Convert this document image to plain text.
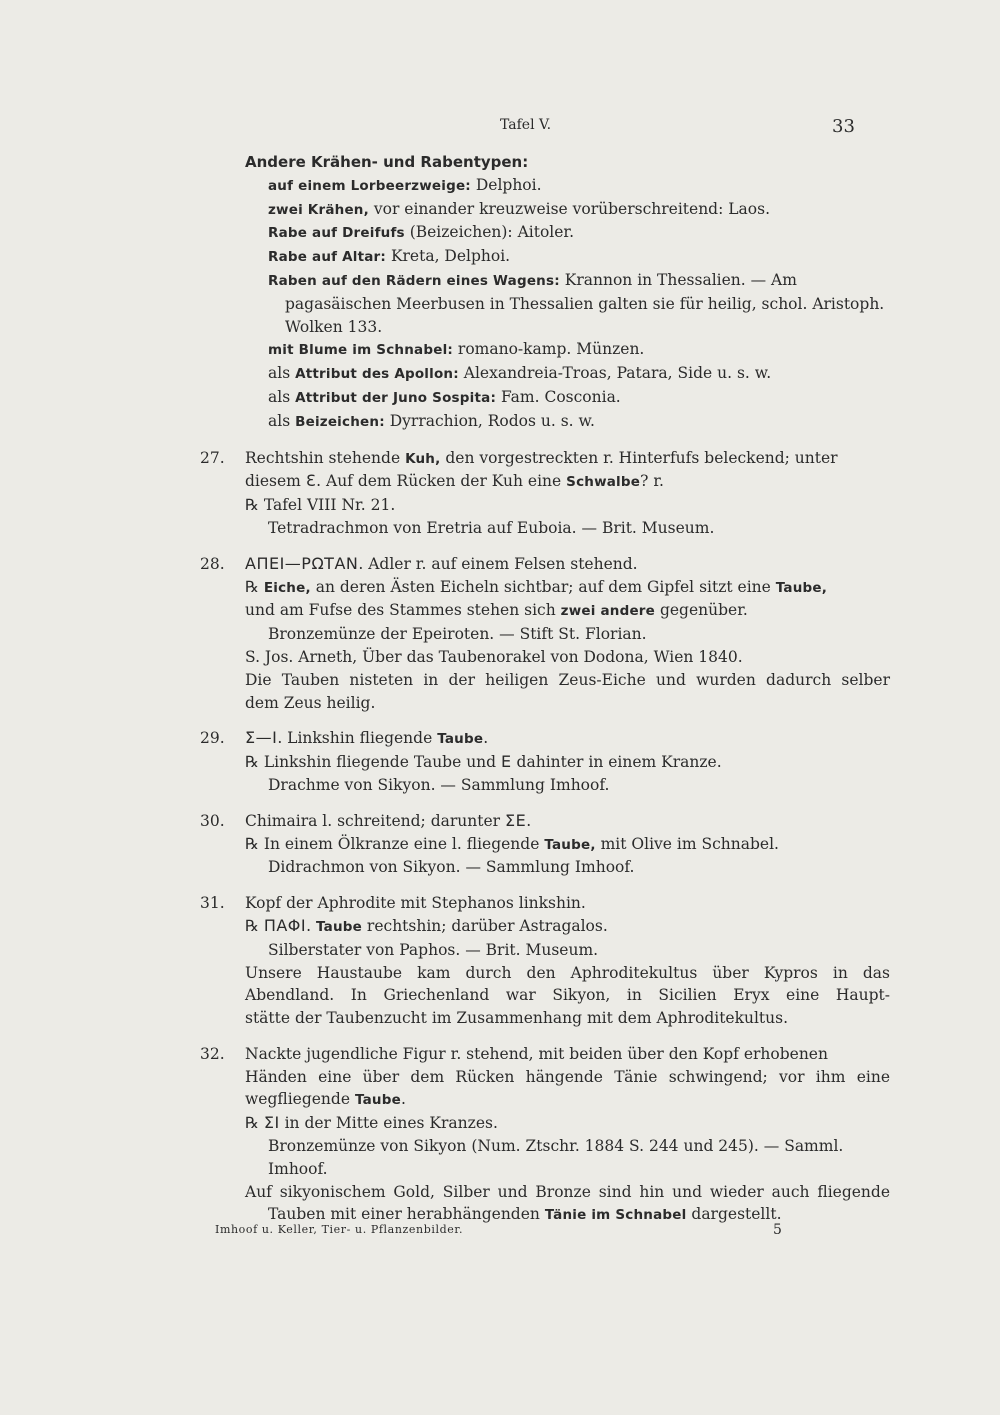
Tafel V.	33
Andere Krähen- und Rabentypen:
auf einem Lorbeerzweige: Delphoi.
zwei Krähen, vor einander kreuzweise vorüberschreitend: Laos.
Rabe auf Dreifufs (Beizeichen): Aitoler.
Rabe auf Altar: Kreta, Delphoi.
Raben auf den Rädern eines Wagens: Krannon in Thessalien. — Am
pagasäischen Meerbusen in Thessalien galten sie für heilig, schol. Aristoph.
Wolken 133.
mit Blume im Schnabel: romano-kamp. Münzen.
als Attribut des Apollon: Alexandreia-Troas, Patara, Side u. s. w.
als Attribut der Juno Sospita: Fam. Cosconia.
als Beizeichen: Dyrrachion, Rodos u. s. w.
27. Rechtshin stehende Kuh, den vorgestreckten r. Hinterfufs beleckend; unter
diesem Ɛ. Auf dem Rücken der Kuh eine Schwalbe? r.
℞ Tafel VIII Nr. 21.
Tetradrachmon von Eretria auf Euboia. — Brit. Museum.
28. ΑΠΕΙ—ΡΩΤΑΝ. Adler r. auf einem Felsen stehend.
℞ Eiche, an deren Ästen Eicheln sichtbar; auf dem Gipfel sitzt eine Taube,
und am Fufse des Stammes stehen sich zwei andere gegenüber.
Bronzemünze der Epeiroten. — Stift St. Florian.
S. Jos. Arneth, Über das Taubenorakel von Dodona, Wien 1840.
Die Tauben nisteten in der heiligen Zeus-Eiche und wurden dadurch selber
dem Zeus heilig.
29. Σ—I. Linkshin fliegende Taube.
℞ Linkshin fliegende Taube und E dahinter in einem Kranze.
Drachme von Sikyon. — Sammlung Imhoof.
30. Chimaira l. schreitend; darunter ΣE.
℞ In einem Ölkranze eine l. fliegende Taube, mit Olive im Schnabel.
Didrachmon von Sikyon. — Sammlung Imhoof.
31. Kopf der Aphrodite mit Stephanos linkshin.
℞ ΠΑΦΙ. Taube rechtshin; darüber Astragalos.
Silberstater von Paphos. — Brit. Museum.
Unsere Haustaube kam durch den Aphroditekultus über Kypros in das
Abendland. In Griechenland war Sikyon, in Sicilien Eryx eine Haupt-
stätte der Taubenzucht im Zusammenhang mit dem Aphroditekultus.
32. Nackte jugendliche Figur r. stehend, mit beiden über den Kopf erhobenen
Händen eine über dem Rücken hängende Tänie schwingend; vor ihm eine
wegfliegende Taube.
℞ ΣΙ in der Mitte eines Kranzes.
Bronzemünze von Sikyon (Num. Ztschr. 1884 S. 244 und 245). — Samml.
Imhoof.
Auf sikyonischem Gold, Silber und Bronze sind hin und wieder auch fliegende
Tauben mit einer herabhängenden Tänie im Schnabel dargestellt.
Imhoof u. Keller, Tier- u. Pflanzenbilder.	5
